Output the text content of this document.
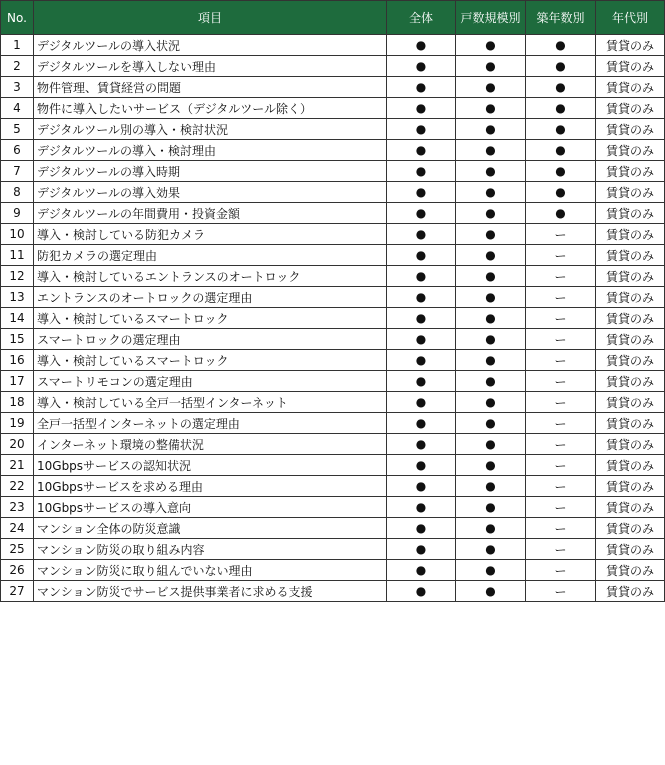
No.	項目	全体	戸数規模別	築年数別	年代別
1	デジタルツールの導入状況	●	●	●	賃貸のみ
2	デジタルツールを導入しない理由	●	●	●	賃貸のみ
3	物件管理、賃貸経営の問題	●	●	●	賃貸のみ
4	物件に導入したいサービス（デジタルツール除く）	●	●	●	賃貸のみ
5	デジタルツール別の導入・検討状況	●	●	●	賃貸のみ
6	デジタルツールの導入・検討理由	●	●	●	賃貸のみ
7	デジタルツールの導入時期	●	●	●	賃貸のみ
8	デジタルツールの導入効果	●	●	●	賃貸のみ
9	デジタルツールの年間費用・投資金額	●	●	●	賃貸のみ
10	導入・検討している防犯カメラ	●	●	ー	賃貸のみ
11	防犯カメラの選定理由	●	●	ー	賃貸のみ
12	導入・検討しているエントランスのオートロック	●	●	ー	賃貸のみ
13	エントランスのオートロックの選定理由	●	●	ー	賃貸のみ
14	導入・検討しているスマートロック	●	●	ー	賃貸のみ
15	スマートロックの選定理由	●	●	ー	賃貸のみ
16	導入・検討しているスマートロック	●	●	ー	賃貸のみ
17	スマートリモコンの選定理由	●	●	ー	賃貸のみ
18	導入・検討している全戸一括型インターネット	●	●	ー	賃貸のみ
19	全戸一括型インターネットの選定理由	●	●	ー	賃貸のみ
20	インターネット環境の整備状況	●	●	ー	賃貸のみ
21	10Gbpsサービスの認知状況	●	●	ー	賃貸のみ
22	10Gbpsサービスを求める理由	●	●	ー	賃貸のみ
23	10Gbpsサービスの導入意向	●	●	ー	賃貸のみ
24	マンション全体の防災意識	●	●	ー	賃貸のみ
25	マンション防災の取り組み内容	●	●	ー	賃貸のみ
26	マンション防災に取り組んでいない理由	●	●	ー	賃貸のみ
27	マンション防災でサービス提供事業者に求める支援	●	●	ー	賃貸のみ
